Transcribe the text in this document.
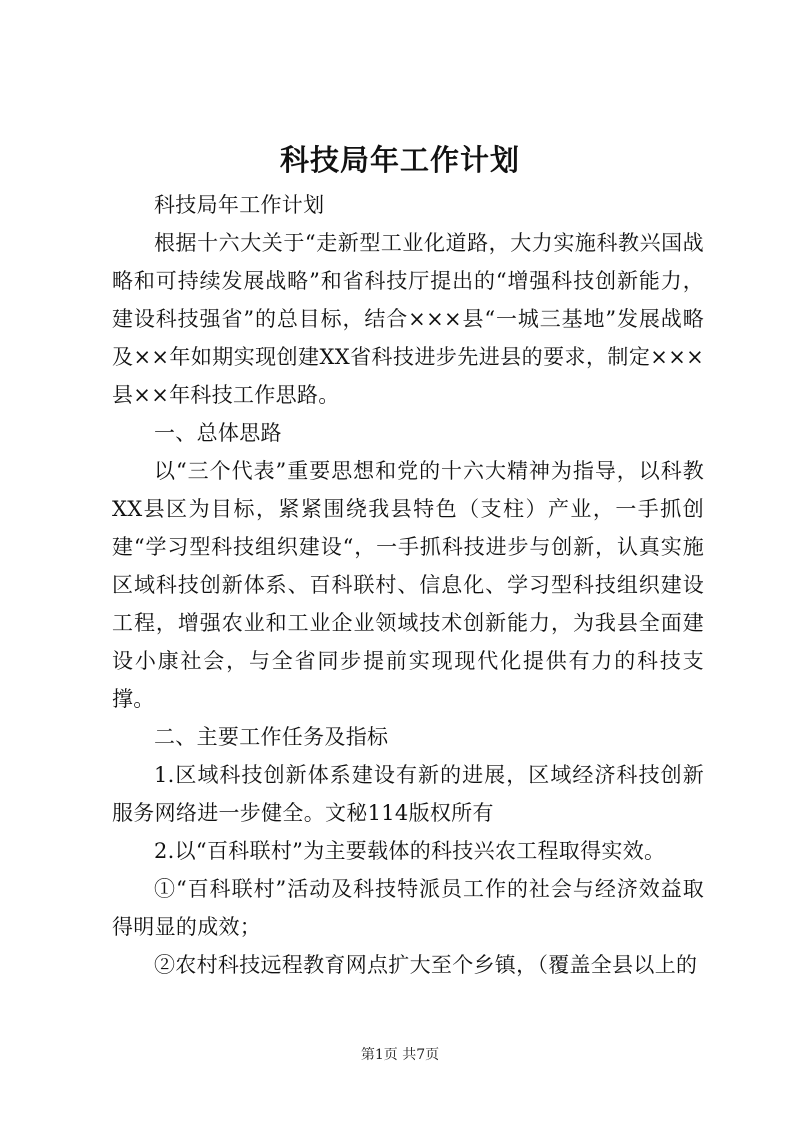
科技局年工作计划

科技局年工作计划

根据十六大关于“走新型工业化道路，大力实施科教兴国战略和可持续发展战略”和省科技厅提出的“增强科技创新能力，建设科技强省”的总目标，结合×××县“一城三基地”发展战略及××年如期实现创建XX省科技进步先进县的要求，制定×××县××年科技工作思路。

一、总体思路

以“三个代表”重要思想和党的十六大精神为指导，以科教XX县区为目标，紧紧围绕我县特色（支柱）产业，一手抓创建“学习型科技组织建设“，一手抓科技进步与创新，认真实施区域科技创新体系、百科联村、信息化、学习型科技组织建设工程，增强农业和工业企业领域技术创新能力，为我县全面建设小康社会，与全省同步提前实现现代化提供有力的科技支撑。

二、主要工作任务及指标

1.区域科技创新体系建设有新的进展，区域经济科技创新服务网络进一步健全。文秘114版权所有

2.以“百科联村”为主要载体的科技兴农工程取得实效。

①“百科联村”活动及科技特派员工作的社会与经济效益取得明显的成效；

②农村科技远程教育网点扩大至个乡镇，（覆盖全县以上的

第1页 共7页
